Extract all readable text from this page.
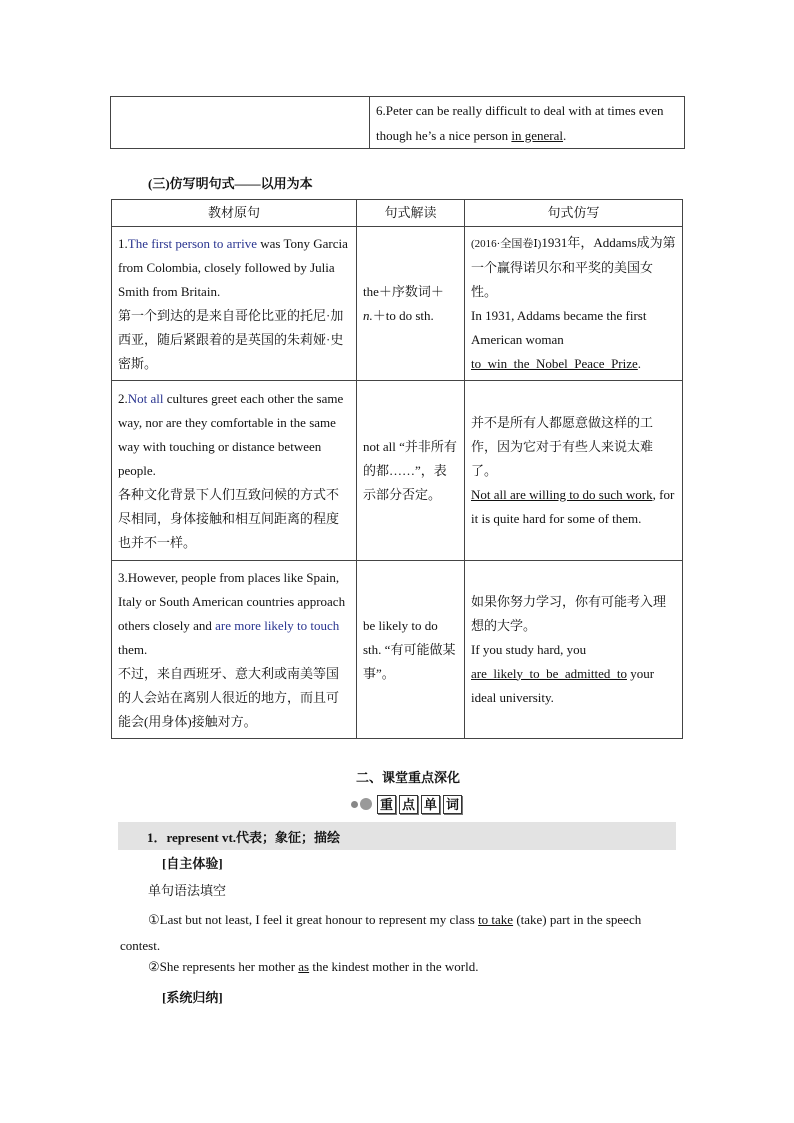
	6.Peter can be really difficult to deal with at times even though he’s a nice person in general.
(三)仿写明句式——以用为本
教材原句	句式解读	句式仿写
1.The first person to arrive was Tony Garcia from Colombia, closely followed by Julia Smith from Britain.
第一个到达的是来自哥伦比亚的托尼·加西亚，随后紧跟着的是英国的朱莉娅·史密斯。	the＋序数词＋
n.＋to do sth.	(2016·全国卷Ⅰ)1931年，Addams成为第一个赢得诺贝尔和平奖的美国女性。
In 1931, Addams became the first American woman
to_win_the_Nobel_Peace_Prize.
2.Not all cultures greet each other the same way, nor are they comfortable in the same way with touching or distance between people.
各种文化背景下人们互致问候的方式不尽相同，身体接触和相互间距离的程度也并不一样。	not all “并非所有的都……”，表示部分否定。	并不是所有人都愿意做这样的工作，因为它对于有些人来说太难了。
Not all are willing to do such work, for it is quite hard for some of them.
3.However, people from places like Spain, Italy or South American countries approach others closely and are more likely to touch them.
不过，来自西班牙、意大利或南美等国的人会站在离别人很近的地方，而且可能会(用身体)接触对方。	be likely to do sth. “有可能做某事”。	如果你努力学习，你有可能考入理想的大学。
If you study hard, you
are_likely_to_be_admitted_to your ideal university.
二、课堂重点深化
重 点 单 词
1．represent vt.代表；象征；描绘
[自主体验]
单句语法填空
①Last but not least, I feel it great honour to represent my class to take (take) part in the speech contest.
②She represents her mother as the kindest mother in the world.
[系统归纳]
